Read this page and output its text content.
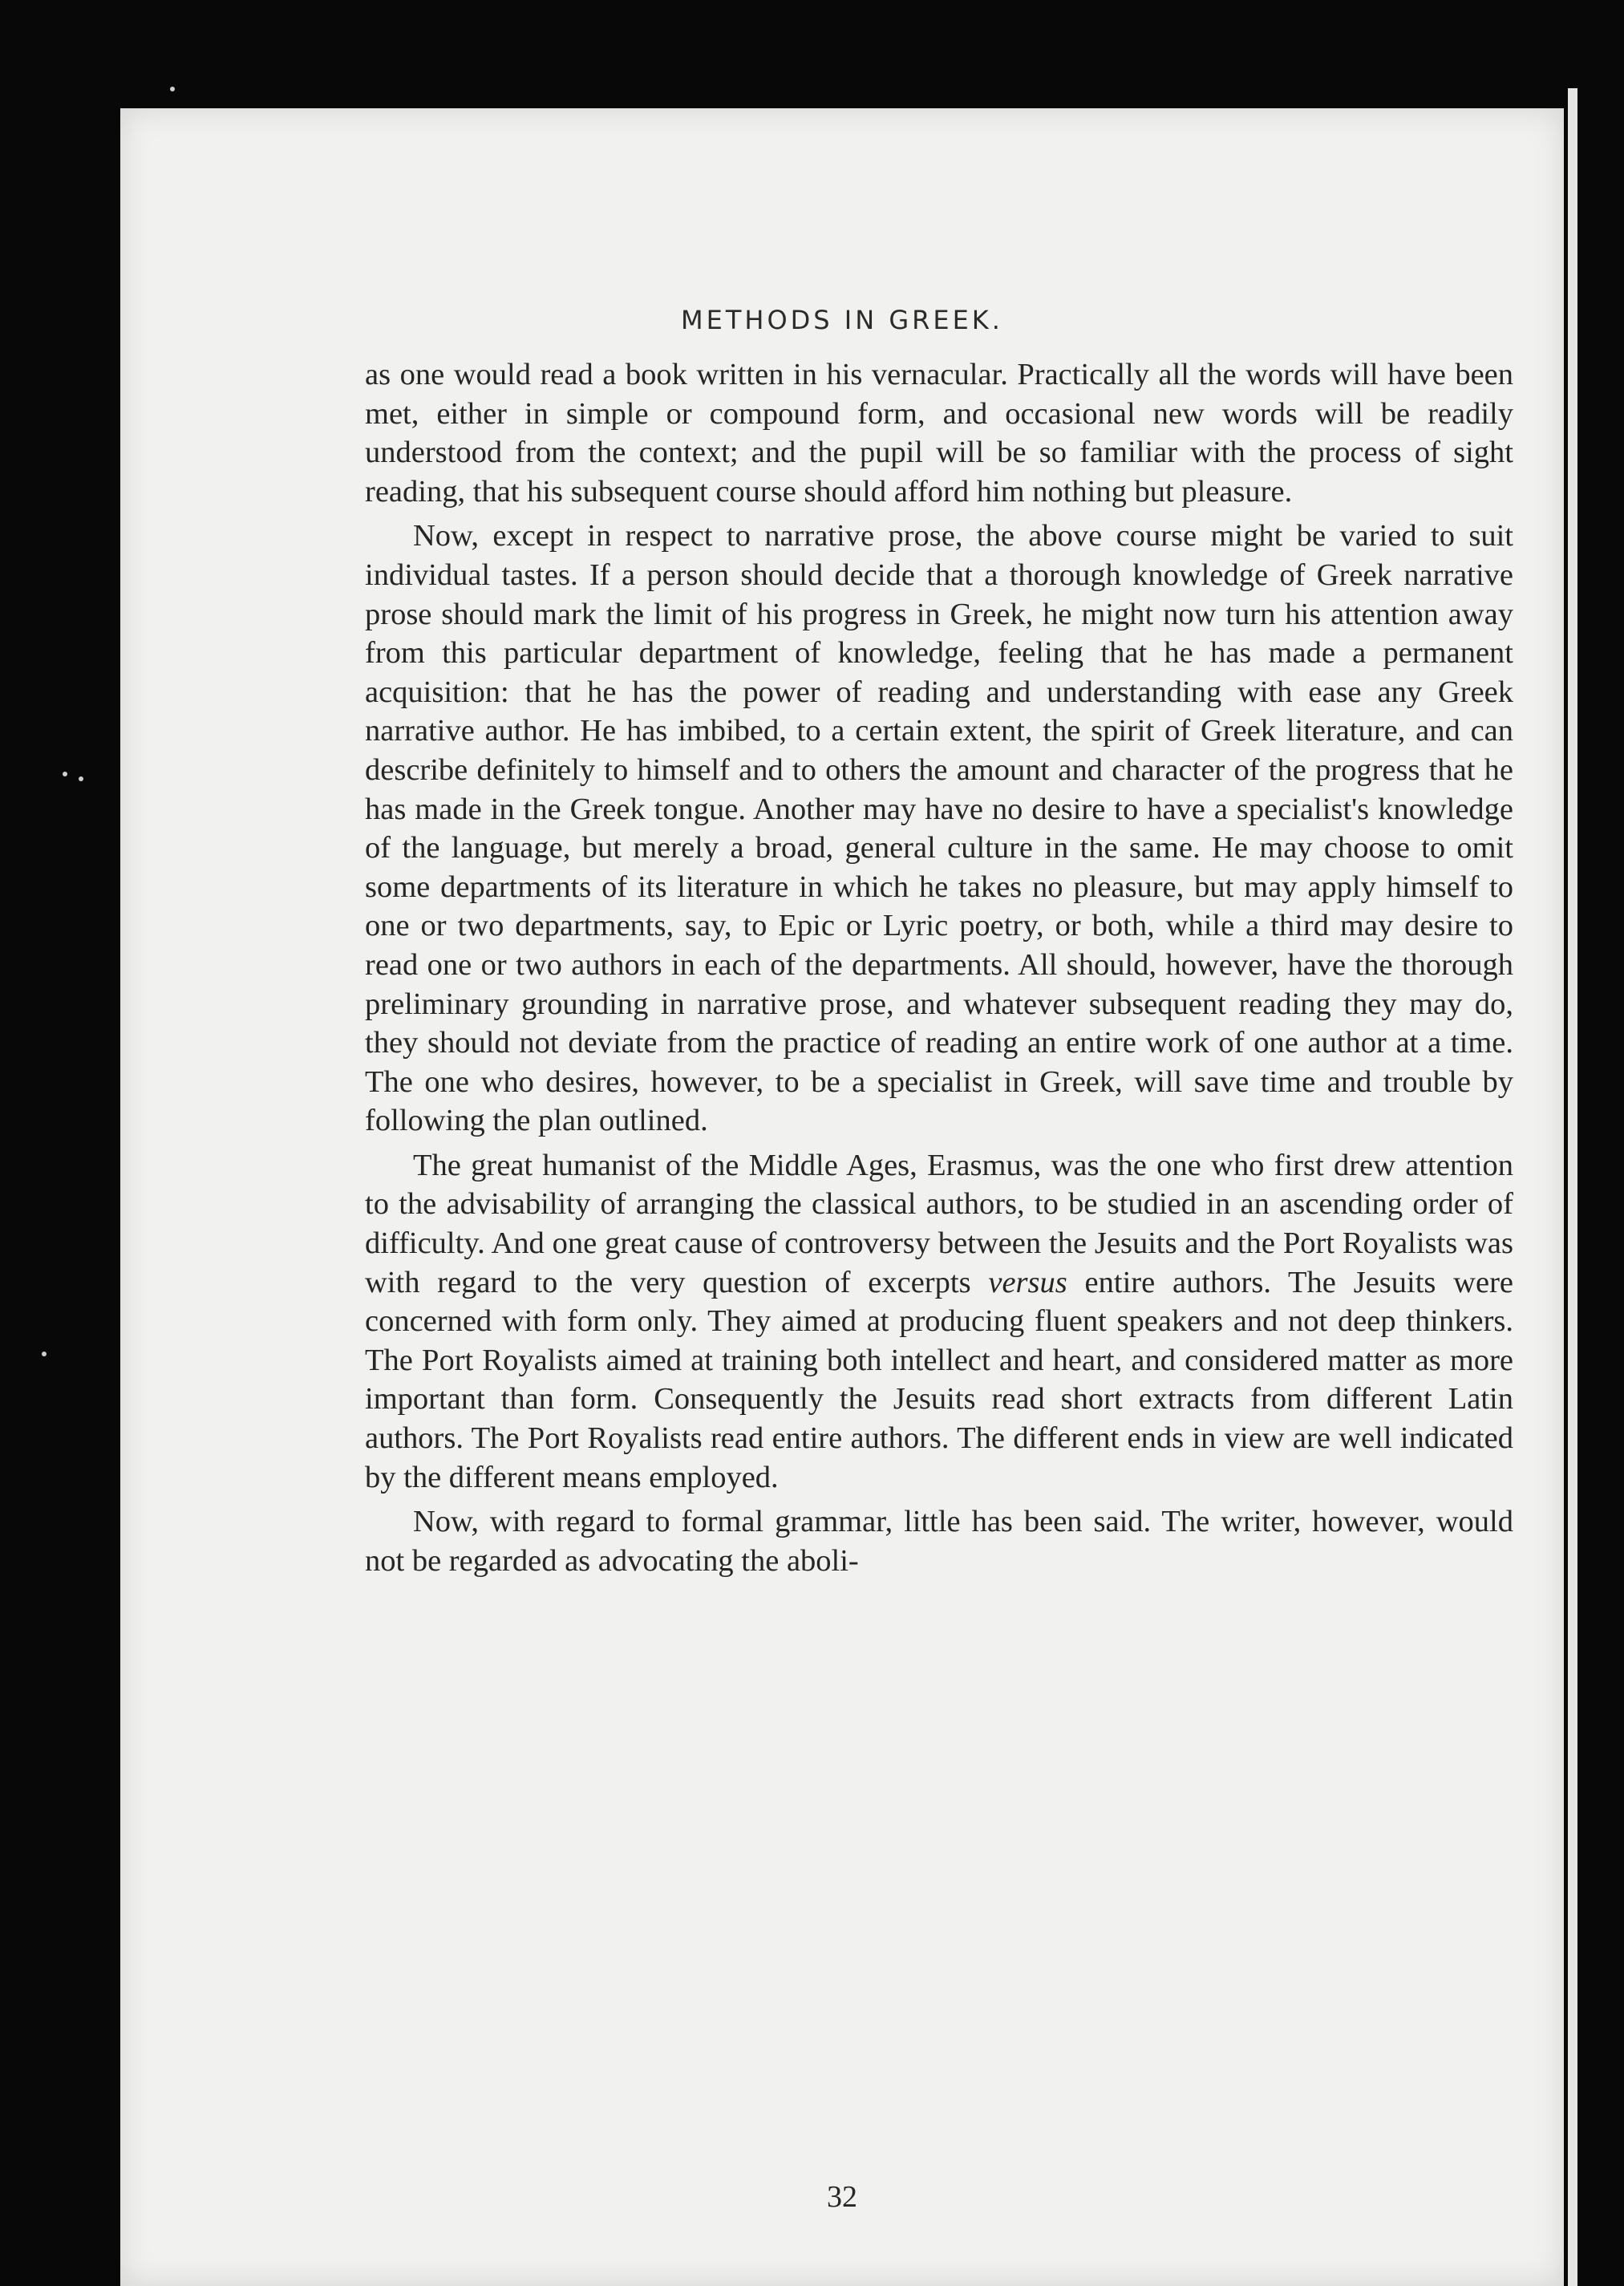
METHODS IN GREEK.

as one would read a book written in his vernacular. Practically all the words will have been met, either in simple or compound form, and occasional new words will be readily understood from the context; and the pupil will be so familiar with the process of sight reading, that his subsequent course should afford him nothing but pleasure.

Now, except in respect to narrative prose, the above course might be varied to suit individual tastes. If a person should decide that a thorough knowledge of Greek narrative prose should mark the limit of his progress in Greek, he might now turn his attention away from this particular department of knowledge, feeling that he has made a permanent acquisition: that he has the power of reading and understanding with ease any Greek narrative author. He has imbibed, to a certain extent, the spirit of Greek literature, and can describe definitely to himself and to others the amount and character of the progress that he has made in the Greek tongue. Another may have no desire to have a specialist's knowledge of the language, but merely a broad, general culture in the same. He may choose to omit some departments of its literature in which he takes no pleasure, but may apply himself to one or two departments, say, to Epic or Lyric poetry, or both, while a third may desire to read one or two authors in each of the departments. All should, however, have the thorough preliminary grounding in narrative prose, and whatever subsequent reading they may do, they should not deviate from the practice of reading an entire work of one author at a time. The one who desires, however, to be a specialist in Greek, will save time and trouble by following the plan outlined.

The great humanist of the Middle Ages, Erasmus, was the one who first drew attention to the advisability of arranging the classical authors, to be studied in an ascending order of difficulty. And one great cause of controversy between the Jesuits and the Port Royalists was with regard to the very question of excerpts versus entire authors. The Jesuits were concerned with form only. They aimed at producing fluent speakers and not deep thinkers. The Port Royalists aimed at training both intellect and heart, and considered matter as more important than form. Consequently the Jesuits read short extracts from different Latin authors. The Port Royalists read entire authors. The different ends in view are well indicated by the different means employed.

Now, with regard to formal grammar, little has been said. The writer, however, would not be regarded as advocating the aboli-

32
